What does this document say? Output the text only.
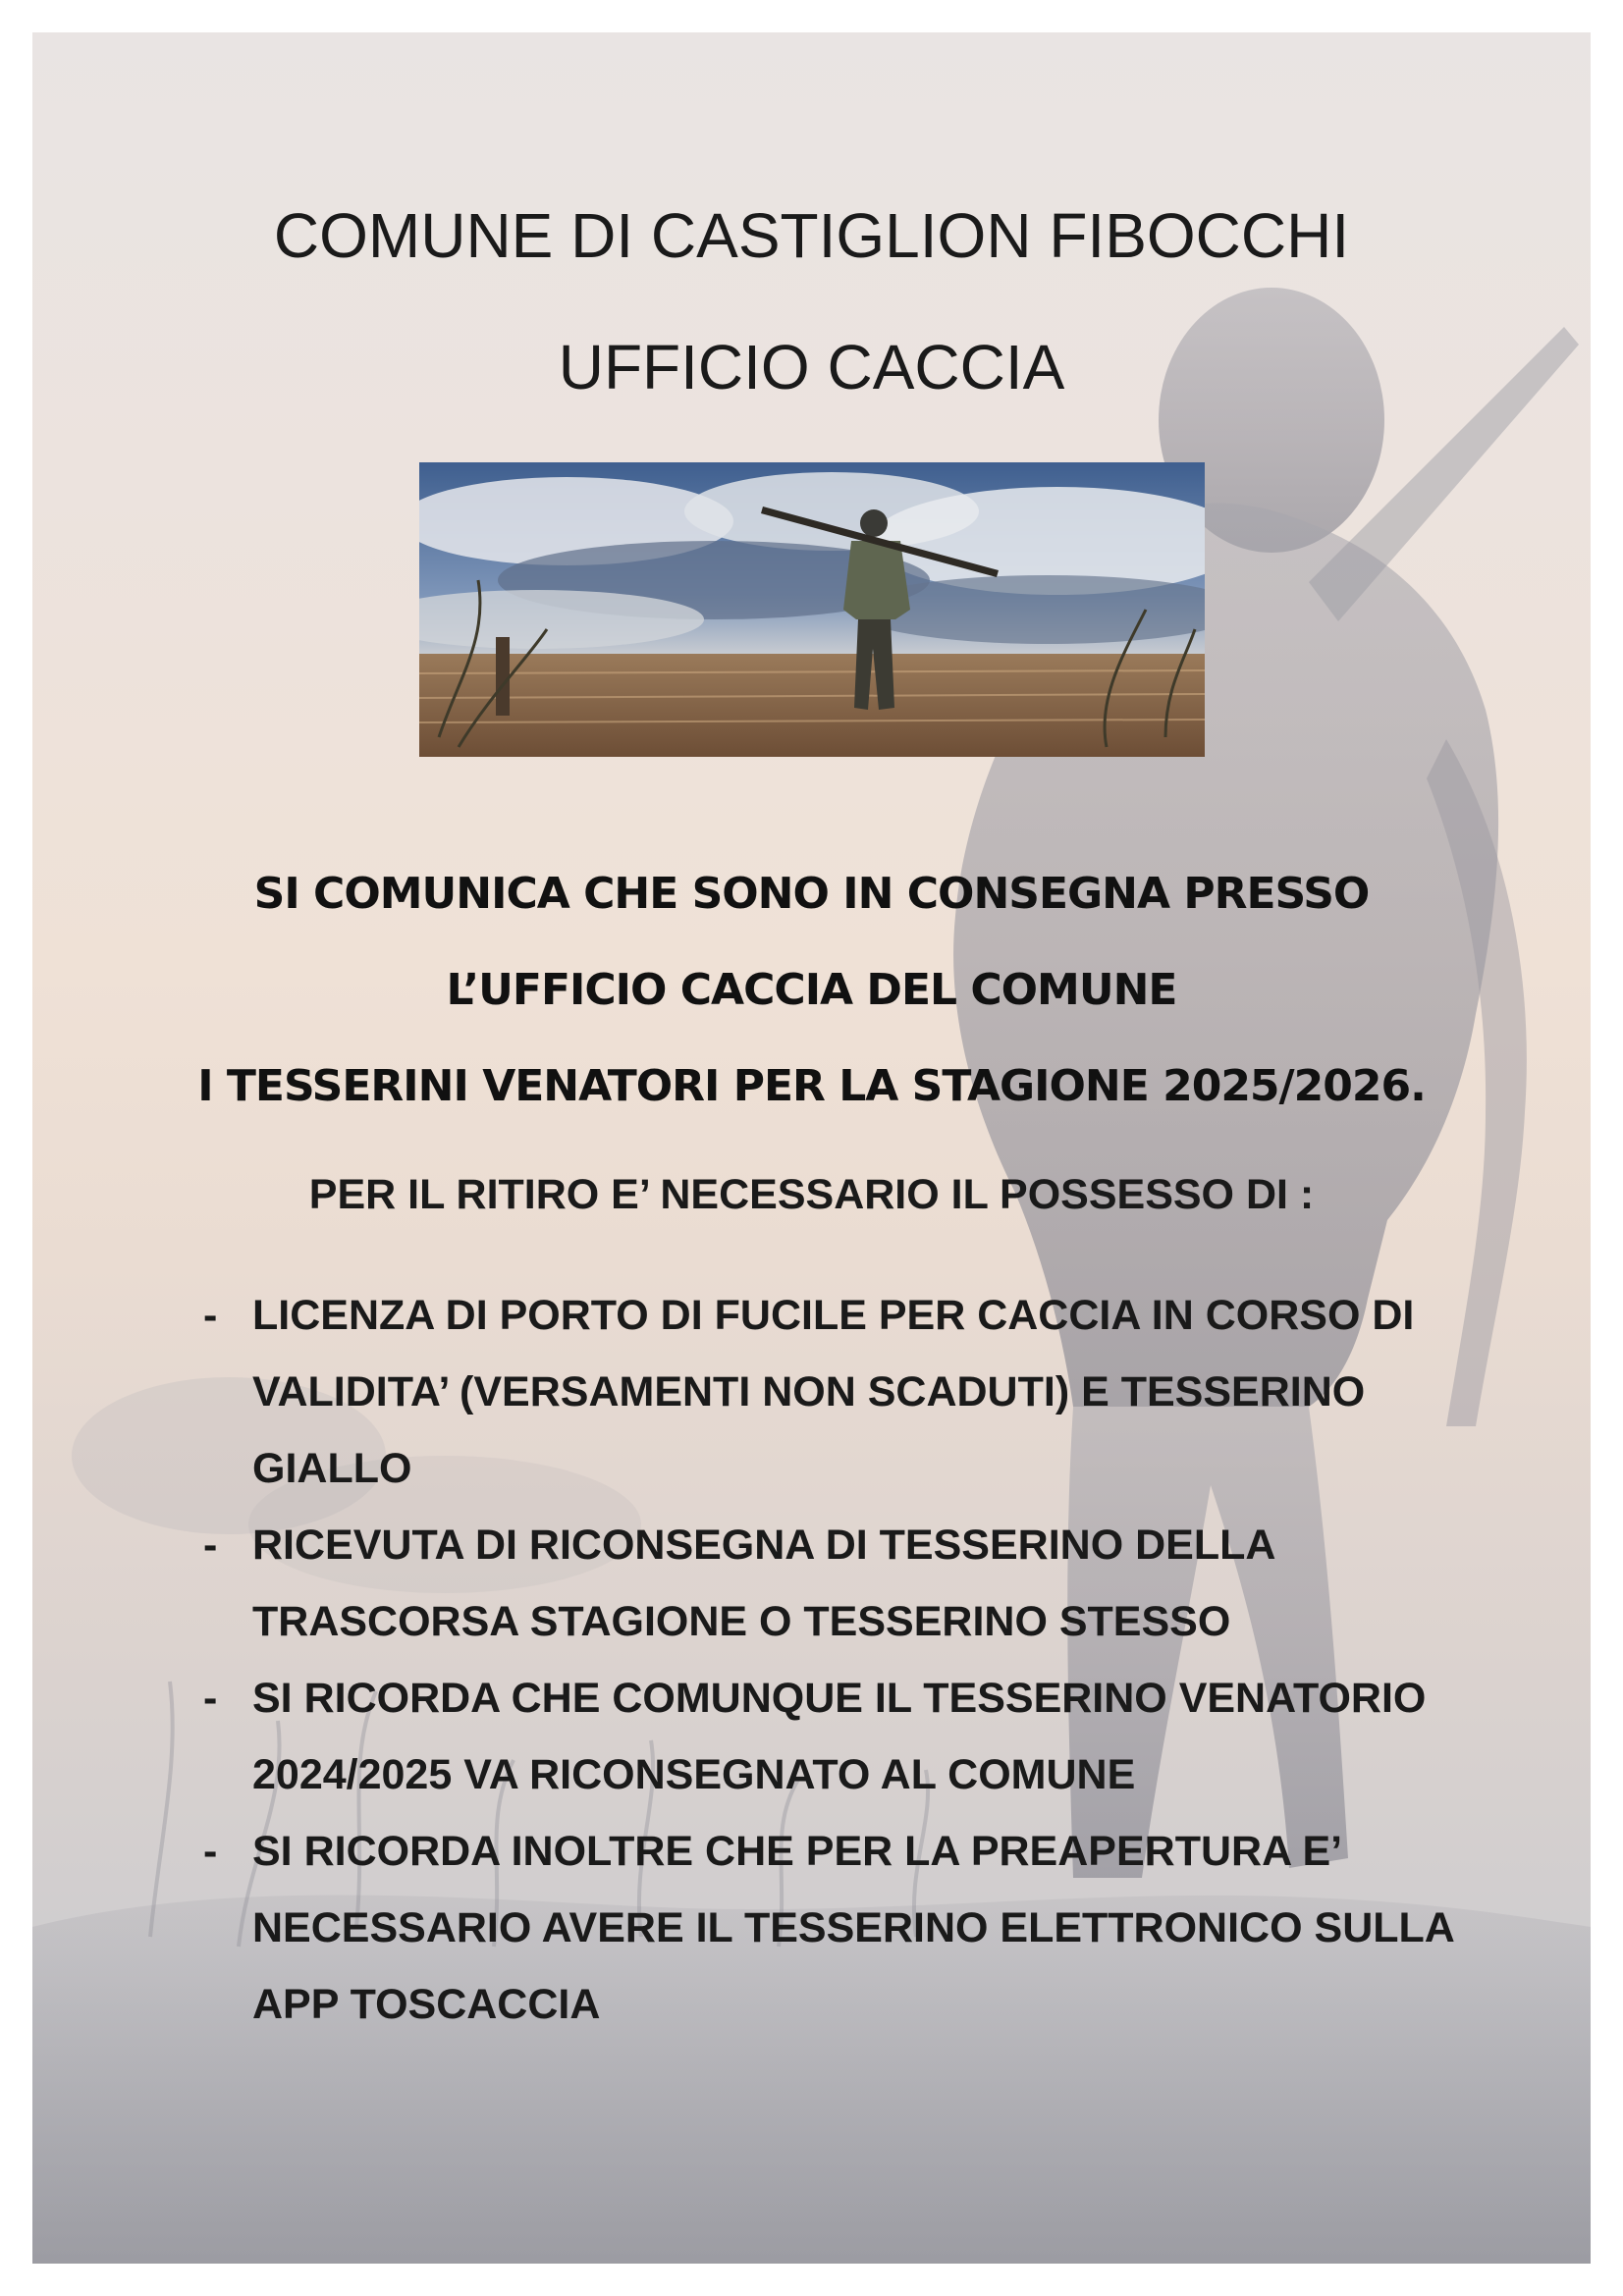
COMUNE DI CASTIGLION FIBOCCHI
UFFICIO CACCIA
SI COMUNICA CHE SONO IN CONSEGNA PRESSO
L’UFFICIO CACCIA DEL COMUNE
I TESSERINI VENATORI PER LA STAGIONE 2025/2026.
PER IL RITIRO E’ NECESSARIO IL POSSESSO DI :
- LICENZA DI PORTO DI FUCILE PER CACCIA IN CORSO DI VALIDITA’ (VERSAMENTI NON SCADUTI) E TESSERINO GIALLO
- RICEVUTA DI RICONSEGNA DI TESSERINO DELLA TRASCORSA STAGIONE O TESSERINO STESSO
- SI RICORDA CHE COMUNQUE IL TESSERINO VENATORIO 2024/2025 VA RICONSEGNATO AL COMUNE
- SI RICORDA INOLTRE CHE PER LA PREAPERTURA E’ NECESSARIO AVERE IL TESSERINO ELETTRONICO SULLA APP TOSCACCIA
